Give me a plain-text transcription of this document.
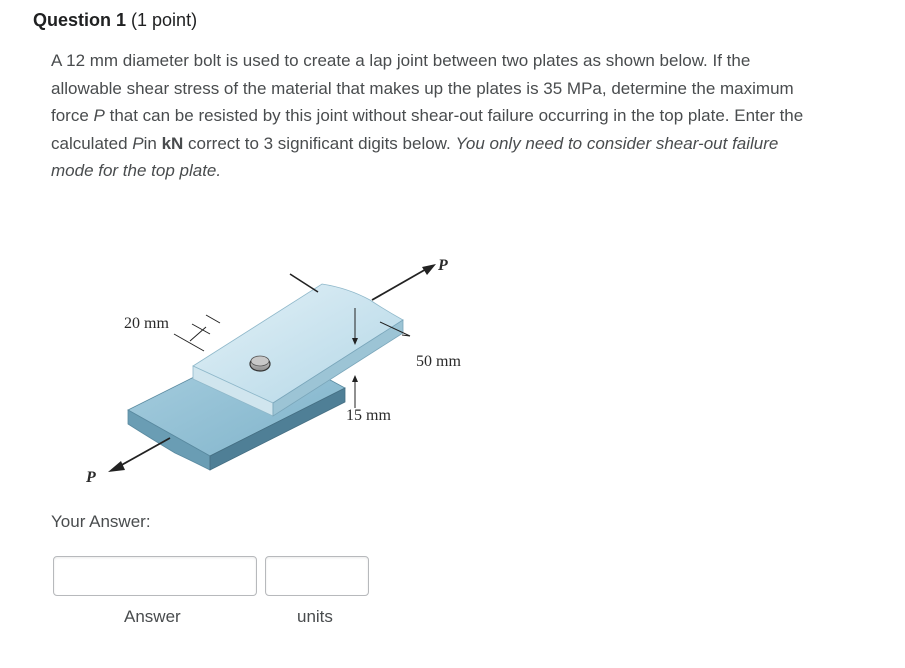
Question 1 (1 point)
A 12 mm diameter bolt is used to create a lap joint between two plates as shown below. If the allowable shear stress of the material that makes up the plates is 35 MPa, determine the maximum force P that can be resisted by this joint without shear-out failure occurring in the top plate. Enter the calculated Pin kN correct to 3 significant digits below. You only need to consider shear-out failure mode for the top plate.
20 mm
50 mm
15 mm
P
P
Your Answer:
Answer	units
